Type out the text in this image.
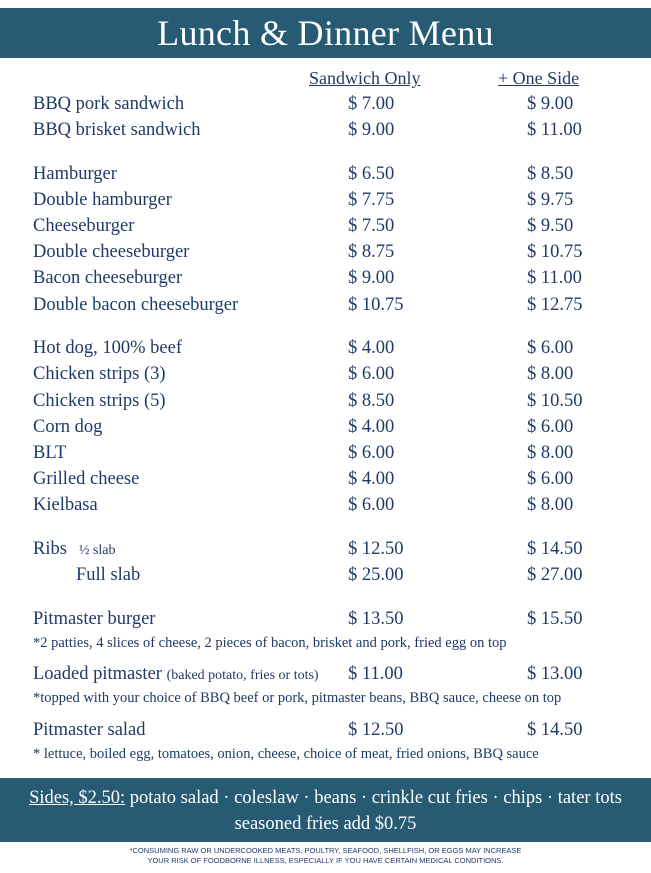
Lunch & Dinner Menu
Sandwich Only	+ One Side
BBQ pork sandwich	$ 7.00	$ 9.00
BBQ brisket sandwich	$ 9.00	$ 11.00
Hamburger	$ 6.50	$ 8.50
Double hamburger	$ 7.75	$ 9.75
Cheeseburger	$ 7.50	$ 9.50
Double cheeseburger	$ 8.75	$ 10.75
Bacon cheeseburger	$ 9.00	$ 11.00
Double bacon cheeseburger	$ 10.75	$ 12.75
Hot dog, 100% beef	$ 4.00	$ 6.00
Chicken strips (3)	$ 6.00	$ 8.00
Chicken strips (5)	$ 8.50	$ 10.50
Corn dog	$ 4.00	$ 6.00
BLT	$ 6.00	$ 8.00
Grilled cheese	$ 4.00	$ 6.00
Kielbasa	$ 6.00	$ 8.00
Ribs ½ slab	$ 12.50	$ 14.50
Full slab	$ 25.00	$ 27.00
Pitmaster burger	$ 13.50	$ 15.50
*2 patties, 4 slices of cheese, 2 pieces of bacon, brisket and pork, fried egg on top
Loaded pitmaster (baked potato, fries or tots) $ 11.00	$ 13.00
*topped with your choice of BBQ beef or pork, pitmaster beans, BBQ sauce, cheese on top
Pitmaster salad	$ 12.50	$ 14.50
* lettuce, boiled egg, tomatoes, onion, cheese, choice of meat, fried onions, BBQ sauce
Sides, $2.50: potato salad · coleslaw · beans · crinkle cut fries · chips · tater tots
seasoned fries add $0.75
*CONSUMING RAW OR UNDERCOOKED MEATS, POULTRY, SEAFOOD, SHELLFISH, OR EGGS MAY INCREASE
YOUR RISK OF FOODBORNE ILLNESS, ESPECIALLY IF YOU HAVE CERTAIN MEDICAL CONDITIONS.
